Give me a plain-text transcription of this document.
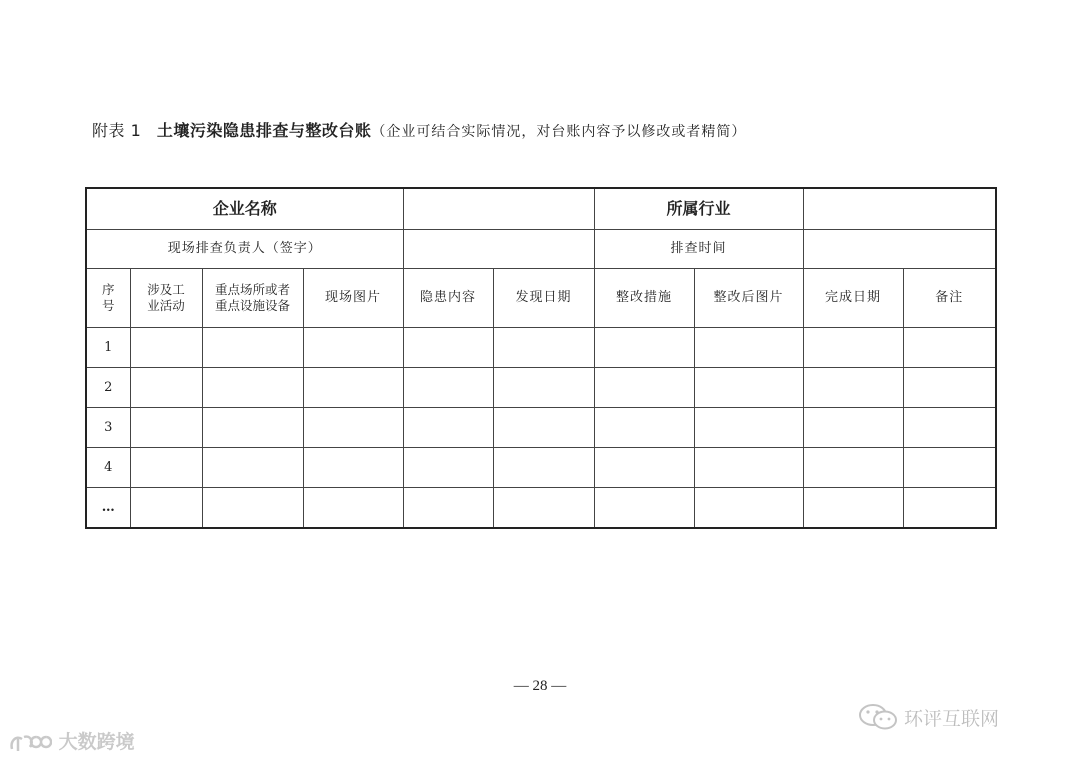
附表 1 土壤污染隐患排查与整改台账（企业可结合实际情况，对台账内容予以修改或者精简）
企业名称						所属行业			
现场排查负责人（签字）						排查时间			
序号	涉及工业活动	重点场所或者重点设施设备	现场图片	隐患内容	发现日期	整改措施	整改后图片	完成日期	备注
1									
2									
3									
4									
…									
— 28 —
大数跨境
环评互联网
